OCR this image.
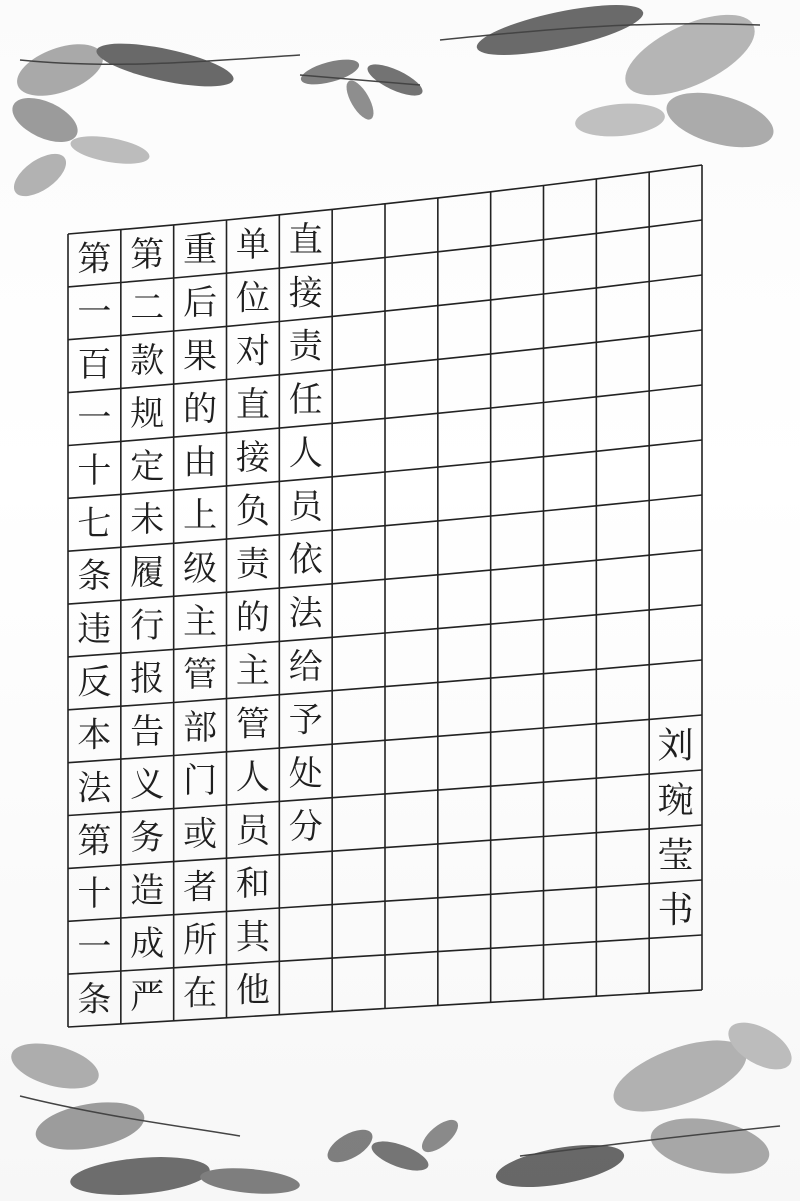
第
一
百
一
十
七
条
违
反
本
法
第
十
一
条
第
二
款
规
定
未
履
行
报
告
义
务
造
成
严
重
后
果
的
由
上
级
主
管
部
门
或
者
所
在
单
位
对
直
接
负
责
的
主
管
人
员
和
其
他
直
接
责
任
人
员
依
法
给
予
处
分
刘
琬
莹
书
